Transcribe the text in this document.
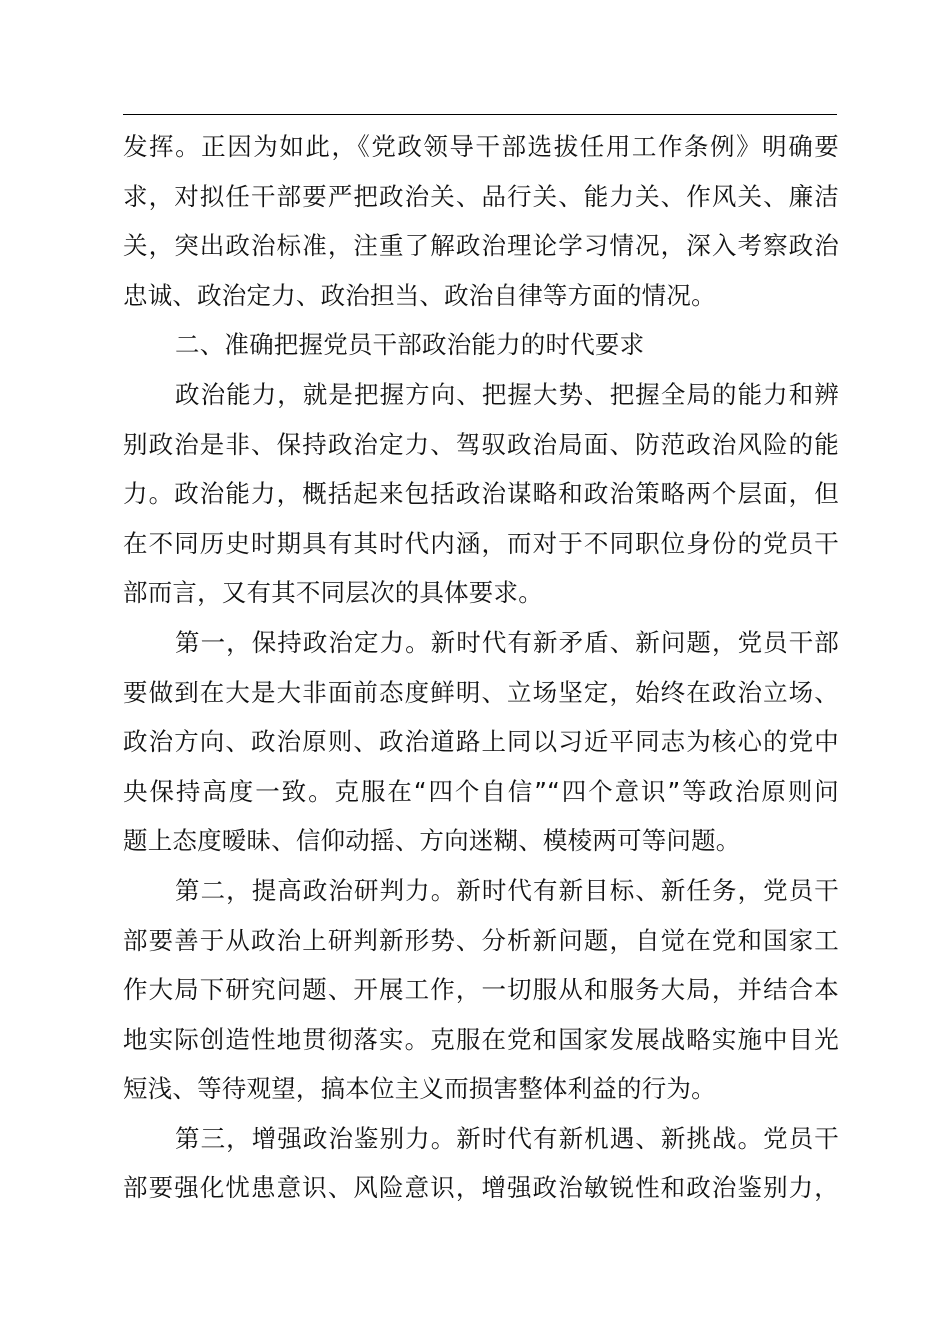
发挥。正因为如此，《党政领导干部选拔任用工作条例》明确要
求，对拟任干部要严把政治关、品行关、能力关、作风关、廉洁
关，突出政治标准，注重了解政治理论学习情况，深入考察政治
忠诚、政治定力、政治担当、政治自律等方面的情况。
二、准确把握党员干部政治能力的时代要求
政治能力，就是把握方向、把握大势、把握全局的能力和辨
别政治是非、保持政治定力、驾驭政治局面、防范政治风险的能
力。政治能力，概括起来包括政治谋略和政治策略两个层面，但
在不同历史时期具有其时代内涵，而对于不同职位身份的党员干
部而言，又有其不同层次的具体要求。
第一，保持政治定力。新时代有新矛盾、新问题，党员干部
要做到在大是大非面前态度鲜明、立场坚定，始终在政治立场、
政治方向、政治原则、政治道路上同以习近平同志为核心的党中
央保持高度一致。克服在“四个自信”“四个意识”等政治原则问
题上态度暧昧、信仰动摇、方向迷糊、模棱两可等问题。
第二，提高政治研判力。新时代有新目标、新任务，党员干
部要善于从政治上研判新形势、分析新问题，自觉在党和国家工
作大局下研究问题、开展工作，一切服从和服务大局，并结合本
地实际创造性地贯彻落实。克服在党和国家发展战略实施中目光
短浅、等待观望，搞本位主义而损害整体利益的行为。
第三，增强政治鉴别力。新时代有新机遇、新挑战。党员干
部要强化忧患意识、风险意识，增强政治敏锐性和政治鉴别力，
